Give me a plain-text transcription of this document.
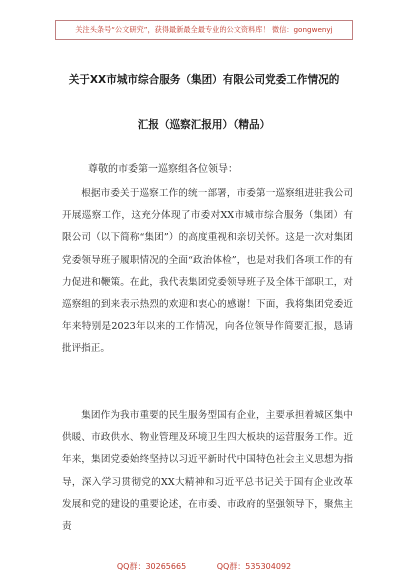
关注头条号“公文研究”，获得最新最全最专业的公文资料库！ 微信：gongwenyj
关于XX市城市综合服务（集团）有限公司党委工作情况的
汇报（巡察汇报用）（精品）
尊敬的市委第一巡察组各位领导：

根据市委关于巡察工作的统一部署，市委第一巡察组进驻我公司开展巡察工作，这充分体现了市委对XX市城市综合服务（集团）有限公司（以下简称“集团”）的高度重视和亲切关怀。这是一次对集团党委领导班子履职情况的全面“政治体检”，也是对我们各项工作的有力促进和鞭策。在此，我代表集团党委领导班子及全体干部职工，对巡察组的到来表示热烈的欢迎和衷心的感谢！下面，我将集团党委近年来特别是2023年以来的工作情况，向各位领导作简要汇报，恳请批评指正。

集团作为我市重要的民生服务型国有企业，主要承担着城区集中供暖、市政供水、物业管理及环境卫生四大板块的运营服务工作。近年来，集团党委始终坚持以习近平新时代中国特色社会主义思想为指导，深入学习贯彻党的XX大精神和习近平总书记关于国有企业改革发展和党的建设的重要论述，在市委、市政府的坚强领导下，聚焦主责

QQ群：30265665	QQ群：535304092
